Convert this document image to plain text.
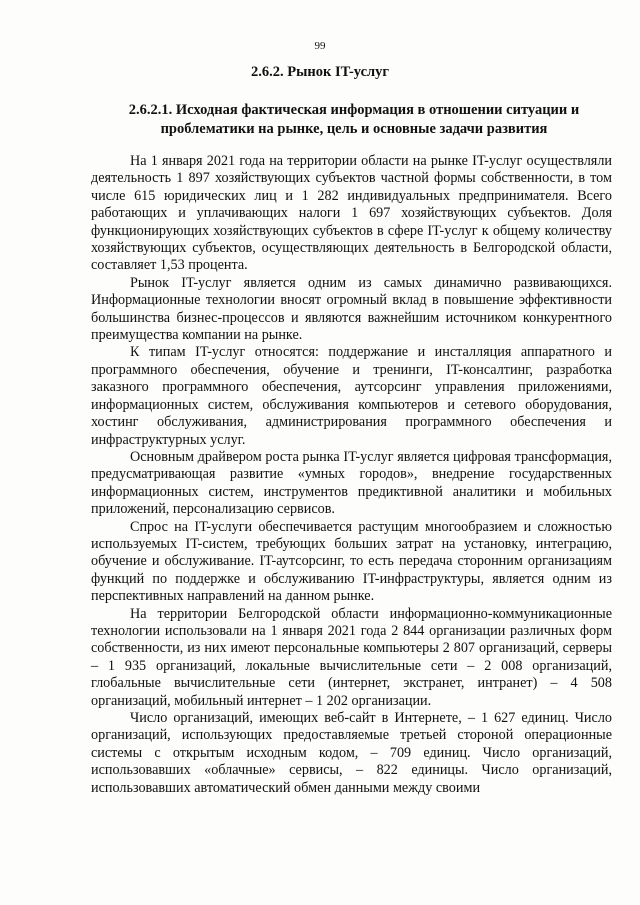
99
2.6.2. Рынок IT-услуг
2.6.2.1. Исходная фактическая информация в отношении ситуации и проблематики на рынке, цель и основные задачи развития

На 1 января 2021 года на территории области на рынке IT-услуг осуществляли деятельность 1 897 хозяйствующих субъектов частной формы собственности, в том числе 615 юридических лиц и 1 282 индивидуальных предпринимателя. Всего работающих и уплачивающих налоги 1 697 хозяйствующих субъектов. Доля функционирующих хозяйствующих субъектов в сфере IT-услуг к общему количеству хозяйствующих субъектов, осуществляющих деятельность в Белгородской области, составляет 1,53 процента.

Рынок IT-услуг является одним из самых динамично развивающихся. Информационные технологии вносят огромный вклад в повышение эффективности большинства бизнес-процессов и являются важнейшим источником конкурентного преимущества компании на рынке.

К типам IT-услуг относятся: поддержание и инсталляция аппаратного и программного обеспечения, обучение и тренинги, IT-консалтинг, разработка заказного программного обеспечения, аутсорсинг управления приложениями, информационных систем, обслуживания компьютеров и сетевого оборудования, хостинг обслуживания, администрирования программного обеспечения и инфраструктурных услуг.

Основным драйвером роста рынка IT-услуг является цифровая трансформация, предусматривающая развитие «умных городов», внедрение государственных информационных систем, инструментов предиктивной аналитики и мобильных приложений, персонализацию сервисов.

Спрос на IT-услуги обеспечивается растущим многообразием и сложностью используемых IT-систем, требующих больших затрат на установку, интеграцию, обучение и обслуживание. IT-аутсорсинг, то есть передача сторонним организациям функций по поддержке и обслуживанию IT-инфраструктуры, является одним из перспективных направлений на данном рынке.

На территории Белгородской области информационно-коммуникационные технологии использовали на 1 января 2021 года 2 844 организации различных форм собственности, из них имеют персональные компьютеры 2 807 организаций, серверы – 1 935 организаций, локальные вычислительные сети – 2 008 организаций, глобальные вычислительные сети (интернет, экстранет, интранет) – 4 508 организаций, мобильный интернет – 1 202 организации.

Число организаций, имеющих веб-сайт в Интернете, – 1 627 единиц. Число организаций, использующих предоставляемые третьей стороной операционные системы с открытым исходным кодом, – 709 единиц. Число организаций, использовавших «облачные» сервисы, – 822 единицы. Число организаций, использовавших автоматический обмен данными между своими
